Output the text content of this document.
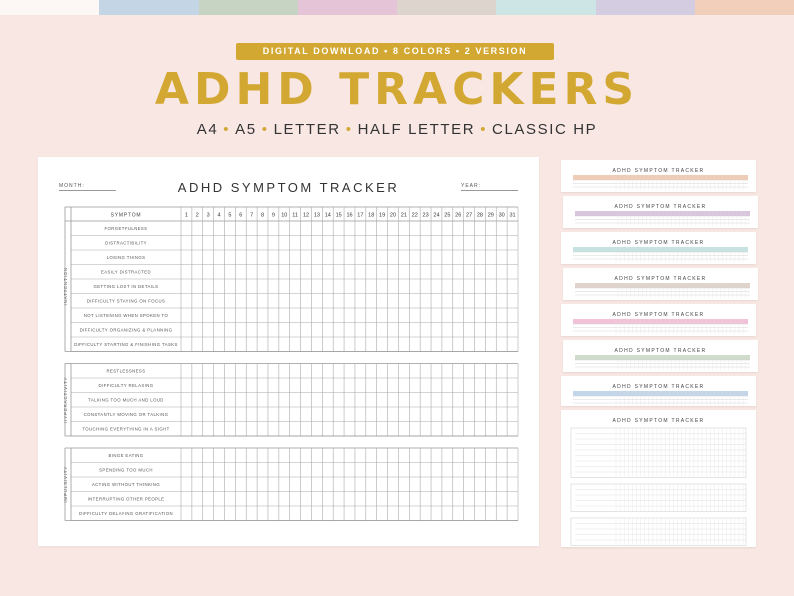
DIGITAL DOWNLOAD • 8 COLORS • 2 VERSION
ADHD TRACKERS
A4 • A5 • LETTER • HALF LETTER • CLASSIC HP
MONTH:	ADHD SYMPTOM TRACKER	YEAR:
SYMPTOM	1 2 3 4 5 6 7 8 9 10 11 12 13 14 15 16 17 18 19 20 21 22 23 24 25 26 27 28 29 30 31
FORGETFULNESS
DISTRACTIBILITY
LOSING THINGS
EASILY DISTRACTED
GETTING LOST IN DETAILS
DIFFICULTY STAYING ON FOCUS
NOT LISTENING WHEN SPOKEN TO
DIFFICULTY ORGANIZING & PLANNING
DIFFICULTY STARTING & FINISHING TASKS
INATTENTION
RESTLESSNESS
DIFFICULTY RELAXING
TALKING TOO MUCH AND LOUD
CONSTANTLY MOVING OR TALKING
TOUCHING EVERYTHING IN A SIGHT
HYPERACTIVITY
BINGE EATING
SPENDING TOO MUCH
ACTING WITHOUT THINKING
INTERRUPTING OTHER PEOPLE
DIFFICULTY DELAYING GRATIFICATION
IMPULSIVITY
ADHD SYMPTOM TRACKER
ADHD SYMPTOM TRACKER
ADHD SYMPTOM TRACKER
ADHD SYMPTOM TRACKER
ADHD SYMPTOM TRACKER
ADHD SYMPTOM TRACKER
ADHD SYMPTOM TRACKER
ADHD SYMPTOM TRACKER
